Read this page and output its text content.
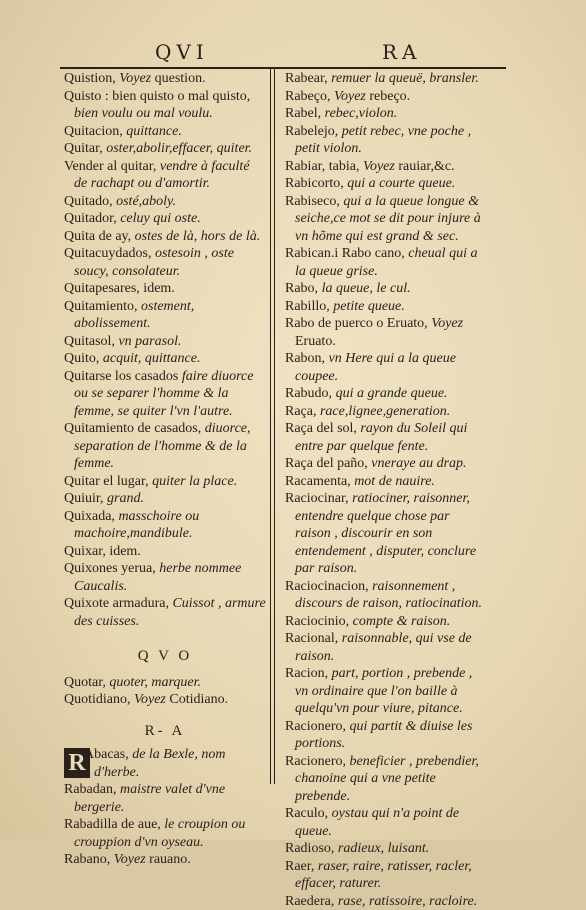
QVI	RA

Quistion, Voyez question.

Quisto : bien quisto o mal quisto, bien voulu ou mal voulu.

Quitacion, quittance.

Quitar, oster,abolir,effacer, quiter.

Vender al quitar, vendre à faculté de rachapt ou d'amortir.

Quitado, osté,aboly.

Quitador, celuy qui oste.

Quita de ay, ostes de là, hors de là.

Quitacuydados, ostesoin , oste soucy, consolateur.

Quitapesares, idem.

Quitamiento, ostement, abolissement.

Quitasol, vn parasol.

Quito, acquit, quittance.

Quitarse los casados faire diuorce ou se separer l'homme & la femme, se quiter l'vn l'autre.

Quitamiento de casados, diuorce, separation de l'homme & de la femme.

Quitar el lugar, quiter la place.

Quiuir, grand.

Quixada, masschoire ou machoire,mandibule.

Quixar, idem.

Quixones yerua, herbe nommee Caucalis.

Quixote armadura, Cuissot , armure des cuisses.

Q V O

Quotar, quoter, marquer.

Quotidiano, Voyez Cotidiano.

R- A
R

Abacas, de la Bexle, nom d'herbe.

Rabadan, maistre valet d'vne bergerie.

Rabadilla de aue, le croupion ou crouppion d'vn oyseau.

Rabano, Voyez rauano.

Rabear, remuer la queuë, bransler.

Rabeço, Voyez rebeço.

Rabel, rebec,violon.

Rabelejo, petit rebec, vne poche , petit violon.

Rabiar, tabia, Voyez rauiar,&c.

Rabicorto, qui a courte queue.

Rabiseco, qui a la queue longue & seiche,ce mot se dit pour injure à vn hõme qui est grand & sec.

Rabican.i Rabo cano, cheual qui a la queue grise.

Rabo, la queue, le cul.

Rabillo, petite queue.

Rabo de puerco o Eruato, Voyez Eruato.

Rabon, vn Here qui a la queue coupee.

Rabudo, qui a grande queue.

Raça, race,lignee,generation.

Raça del sol, rayon du Soleil qui entre par quelque fente.

Raça del paño, vneraye au drap.

Racamenta, mot de nauire.

Raciocinar, ratiociner, raisonner, entendre quelque chose par raison , discourir en son entendement , disputer, conclure par raison.

Raciocinacion, raisonnement , discours de raison, ratiocination.

Raciocinio, compte & raison.

Racional, raisonnable, qui vse de raison.

Racion, part, portion , prebende , vn ordinaire que l'on baille à quelqu'vn pour viure, pitance.

Racionero, qui partit & diuise les portions.

Racionero, beneficier , prebendier, chanoine qui a vne petite prebende.

Raculo, oystau qui n'a point de queue.

Radioso, radieux, luisant.

Raer, raser, raire, ratisser, racler, effacer, raturer.

Raedera, rase, ratissoire, racloire.
